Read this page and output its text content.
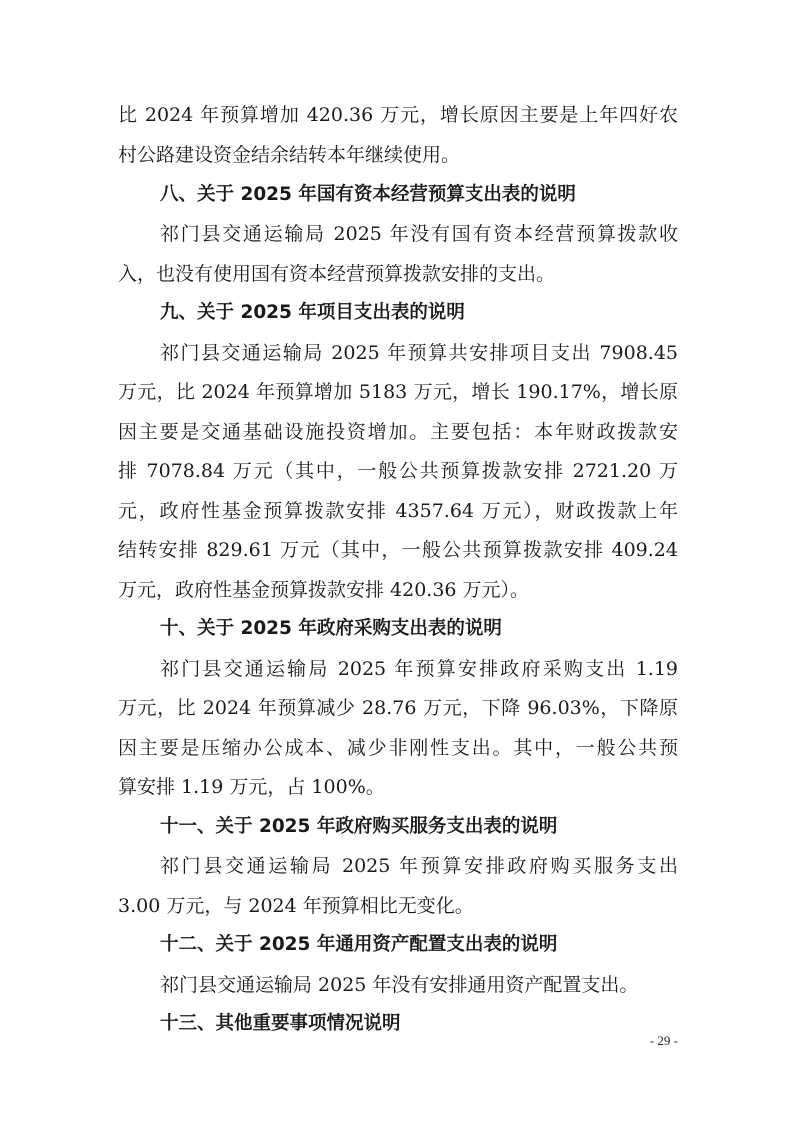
比 2024 年预算增加 420.36 万元，增长原因主要是上年四好农
村公路建设资金结余结转本年继续使用。
八、关于 2025 年国有资本经营预算支出表的说明
祁门县交通运输局 2025 年没有国有资本经营预算拨款收
入，也没有使用国有资本经营预算拨款安排的支出。
九、关于 2025 年项目支出表的说明
祁门县交通运输局 2025 年预算共安排项目支出 7908.45
万元，比 2024 年预算增加 5183 万元，增长 190.17%，增长原
因主要是交通基础设施投资增加。主要包括：本年财政拨款安
排 7078.84 万元（其中，一般公共预算拨款安排 2721.20 万
元，政府性基金预算拨款安排 4357.64 万元），财政拨款上年
结转安排 829.61 万元（其中，一般公共预算拨款安排 409.24
万元，政府性基金预算拨款安排 420.36 万元）。
十、关于 2025 年政府采购支出表的说明
祁门县交通运输局 2025 年预算安排政府采购支出 1.19
万元，比 2024 年预算减少 28.76 万元，下降 96.03%，下降原
因主要是压缩办公成本、减少非刚性支出。其中，一般公共预
算安排 1.19 万元，占 100%。
十一、关于 2025 年政府购买服务支出表的说明
祁门县交通运输局 2025 年预算安排政府购买服务支出
3.00 万元，与 2024 年预算相比无变化。
十二、关于 2025 年通用资产配置支出表的说明
祁门县交通运输局 2025 年没有安排通用资产配置支出。
十三、其他重要事项情况说明
- 29 -
